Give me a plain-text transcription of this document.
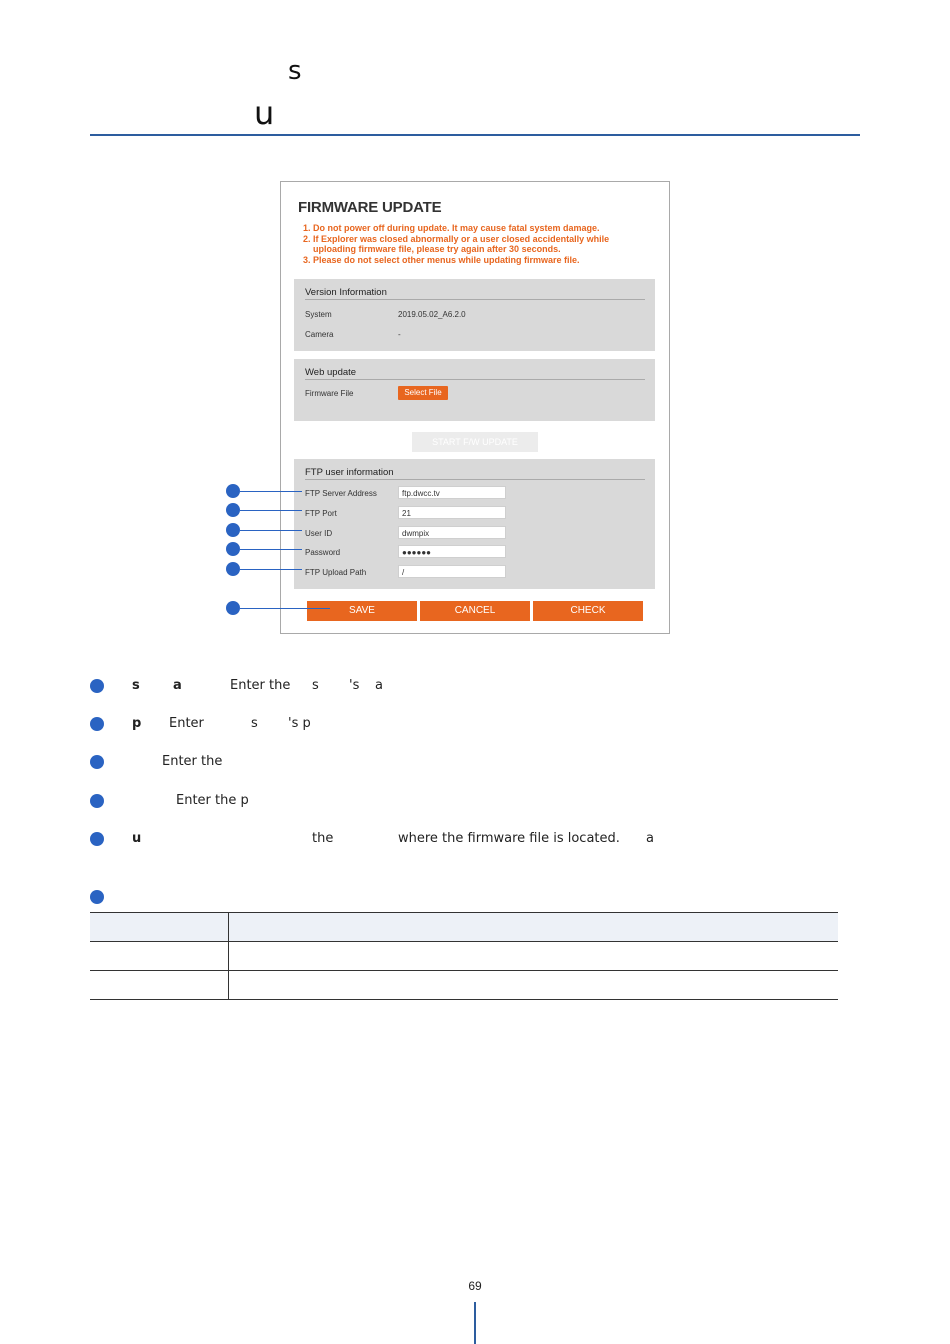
s
u
FIRMWARE UPDATE
1. Do not power off during update. It may cause fatal system damage.
2. If Explorer was closed abnormally or a user closed accidentally while uploading firmware file, please try again after 30 seconds.
3. Please do not select other menus while updating firmware file.
Version Information
System	2019.05.02_A6.2.0
Camera	-
Web update
Firmware File	Select File
START F/W UPDATE
FTP user information
FTP Server Address	ftp.dwcc.tv
FTP Port	21
User ID	dwmpix
Password	●●●●●●
FTP Upload Path	/
SAVE	CANCEL	CHECK
s	a	Enter the s 's a
p Enter	s 's p
Enter the
Enter the p
u	the	where the firmware file is located. a

69
